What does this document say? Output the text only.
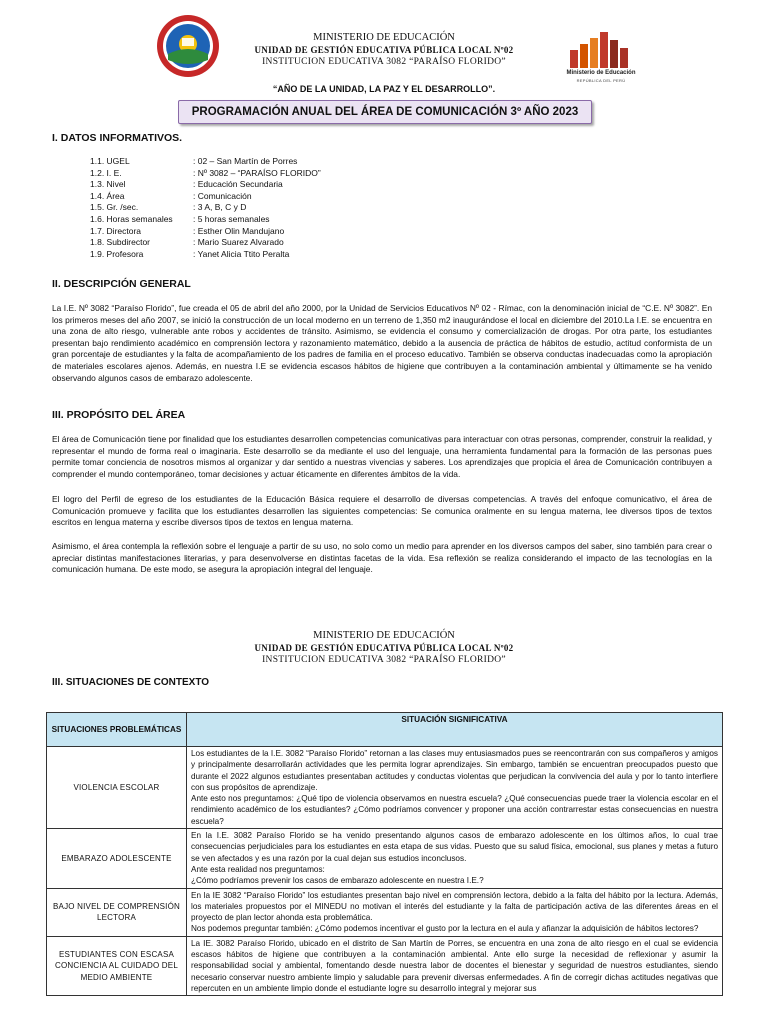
MINISTERIO DE EDUCACIÓN
UNIDAD DE GESTIÓN EDUCATIVA PÚBLICA LOCAL Nº02
INSTITUCION EDUCATIVA 3082 “PARAÍSO FLORIDO”
Ministerio de Educación
REPÚBLICA DEL PERÚ
“AÑO DE LA UNIDAD, LA PAZ Y EL DESARROLLO”.
PROGRAMACIÓN ANUAL DEL ÁREA DE COMUNICACIÓN 3º AÑO 2023
I. DATOS INFORMATIVOS.
1.1. UGEL	: 02 – San Martín de Porres
1.2. I. E.	: Nº 3082 – “PARAÍSO FLORIDO”
1.3. Nivel	: Educación Secundaria
1.4. Área	: Comunicación
1.5. Gr. /sec.	: 3 A, B, C y D
1.6. Horas semanales : 5 horas semanales
1.7. Directora	: Esther Olin Mandujano
1.8. Subdirector	: Mario Suarez Alvarado
1.9. Profesora	: Yanet Alicia Ttito Peralta
II. DESCRIPCIÓN GENERAL
La I.E. Nº 3082 “Paraíso Florido”, fue creada el 05 de abril del año 2000, por la Unidad de Servicios Educativos Nº 02 - Rímac, con la denominación inicial de “C.E. Nº 3082”. En los primeros meses del año 2007, se inició la construcción de un local moderno en un terreno de 1,350 m2 inaugurándose el local en diciembre del 2010.La I.E. se encuentra en una zona de alto riesgo, vulnerable ante robos y accidentes de tránsito. Asimismo, se evidencia el consumo y comercialización de drogas. Por otra parte, los estudiantes presentan bajo rendimiento académico en comprensión lectora y razonamiento matemático, debido a la ausencia de práctica de hábitos de estudio, actitud conformista de un gran porcentaje de estudiantes y la falta de acompañamiento de los padres de familia en el proceso educativo. También se observa conductas inadecuadas como la apropiación de materiales escolares ajenos. Además, en nuestra I.E se evidencia escasos hábitos de higiene que contribuyen a la contaminación ambiental y últimamente se ha venido observando algunos casos de embarazo adolescente.
III. PROPÓSITO DEL ÁREA
El área de Comunicación tiene por finalidad que los estudiantes desarrollen competencias comunicativas para interactuar con otras personas, comprender, construir la realidad, y representar el mundo de forma real o imaginaria. Este desarrollo se da mediante el uso del lenguaje, una herramienta fundamental para la formación de las personas pues permite tomar conciencia de nosotros mismos al organizar y dar sentido a nuestras vivencias y saberes. Los aprendizajes que propicia el área de Comunicación contribuyen a comprender el mundo contemporáneo, tomar decisiones y actuar éticamente en diferentes ámbitos de la vida.
El logro del Perfil de egreso de los estudiantes de la Educación Básica requiere el desarrollo de diversas competencias. A través del enfoque comunicativo, el área de Comunicación promueve y facilita que los estudiantes desarrollen las siguientes competencias: Se comunica oralmente en su lengua materna, lee diversos tipos de textos escritos en lengua materna y escribe diversos tipos de textos en lengua materna.
Asimismo, el área contempla la reflexión sobre el lenguaje a partir de su uso, no solo como un medio para aprender en los diversos campos del saber, sino también para crear o apreciar distintas manifestaciones literarias, y para desenvolverse en distintas facetas de la vida. Esa reflexión se realiza considerando el impacto de las tecnologías en la comunicación humana. De este modo, se asegura la apropiación integral del lenguaje.
MINISTERIO DE EDUCACIÓN
UNIDAD DE GESTIÓN EDUCATIVA PÚBLICA LOCAL Nº02
INSTITUCION EDUCATIVA 3082 “PARAÍSO FLORIDO”
III. SITUACIONES DE CONTEXTO
SITUACIONES PROBLEMÁTICAS	SITUACIÓN SIGNIFICATIVA
VIOLENCIA ESCOLAR	Los estudiantes de la I.E. 3082 “Paraíso Florido” retornan a las clases muy entusiasmados pues se reencontrarán con sus compañeros y amigos y principalmente desarrollarán actividades que les permita lograr aprendizajes. Sin embargo, también se encuentran preocupados puesto que durante el 2022 algunos estudiantes presentaban actitudes y conductas violentas que perjudican la convivencia del aula y por lo tanto interfiere con sus propósitos de aprendizaje.
Ante esto nos preguntamos: ¿Qué tipo de violencia observamos en nuestra escuela? ¿Qué consecuencias puede traer la violencia escolar en el rendimiento académico de los estudiantes? ¿Cómo podríamos convencer y proponer una acción contrarrestar estas consecuencias en nuestra escuela?
EMBARAZO ADOLESCENTE	En la I.E. 3082 Paraíso Florido se ha venido presentando algunos casos de embarazo adolescente en los últimos años, lo cual trae consecuencias perjudiciales para los estudiantes en esta etapa de sus vidas. Puesto que su salud física, emocional, sus planes y metas a futuro se ven afectados y es una razón por la cual dejan sus estudios inconclusos.
Ante esta realidad nos preguntamos:
¿Cómo podríamos prevenir los casos de embarazo adolescente en nuestra I.E.?
BAJO NIVEL DE COMPRENSIÓN LECTORA	En la IE 3082 “Paraíso Florido” los estudiantes presentan bajo nivel en comprensión lectora, debido a la falta del hábito por la lectura. Además, los materiales propuestos por el MINEDU no motivan el interés del estudiante y la falta de participación activa de las diferentes áreas en el proyecto de plan lector ahonda esta problemática.
Nos podemos preguntar también: ¿Cómo podemos incentivar el gusto por la lectura en el aula y afianzar la adquisición de hábitos lectores?
ESTUDIANTES CON ESCASA CONCIENCIA AL CUIDADO DEL MEDIO AMBIENTE	La IE. 3082 Paraíso Florido, ubicado en el distrito de San Martín de Porres, se encuentra en una zona de alto riesgo en el cual se evidencia escasos hábitos de higiene que contribuyen a la contaminación ambiental. Ante ello surge la necesidad de reflexionar y asumir la responsabilidad social y ambiental, fomentando desde nuestra labor de docentes el bienestar y seguridad de nuestros estudiantes, siendo necesario conservar nuestro ambiente limpio y saludable para prevenir diversas enfermedades. A fin de corregir dichas actitudes negativas que repercuten en un ambiente limpio donde el estudiante logre su desarrollo integral y mejorar sus
